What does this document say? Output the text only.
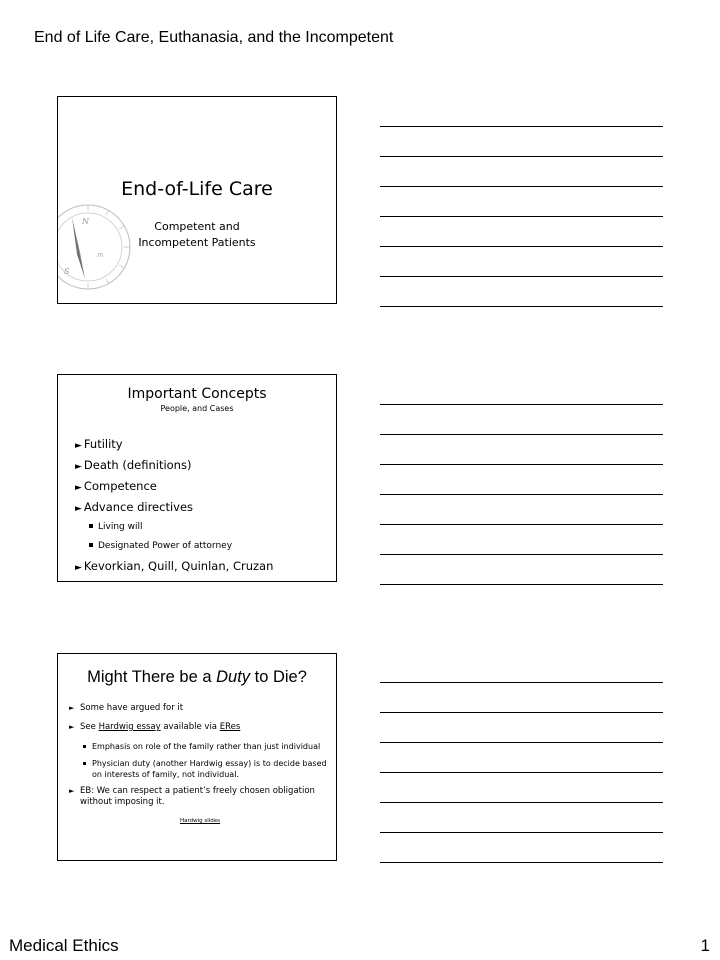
End of Life Care, Euthanasia, and the Incompetent
N
S
m
End-of-Life Care
Competent and
Incompetent Patients
Important Concepts
People, and Cases
► Futility
► Death (definitions)
► Competence
► Advance directives
Living will
Designated Power of attorney
► Kevorkian, Quill, Quinlan, Cruzan
Might There be a Duty to Die?
► Some have argued for it
► See Hardwig essay available via ERes
Emphasis on role of the family rather than just individual
Physician duty (another Hardwig essay) is to decide based on interests of family, not individual.
► EB: We can respect a patient’s freely chosen obligation without imposing it.
Hardwig slides
Medical Ethics	1
